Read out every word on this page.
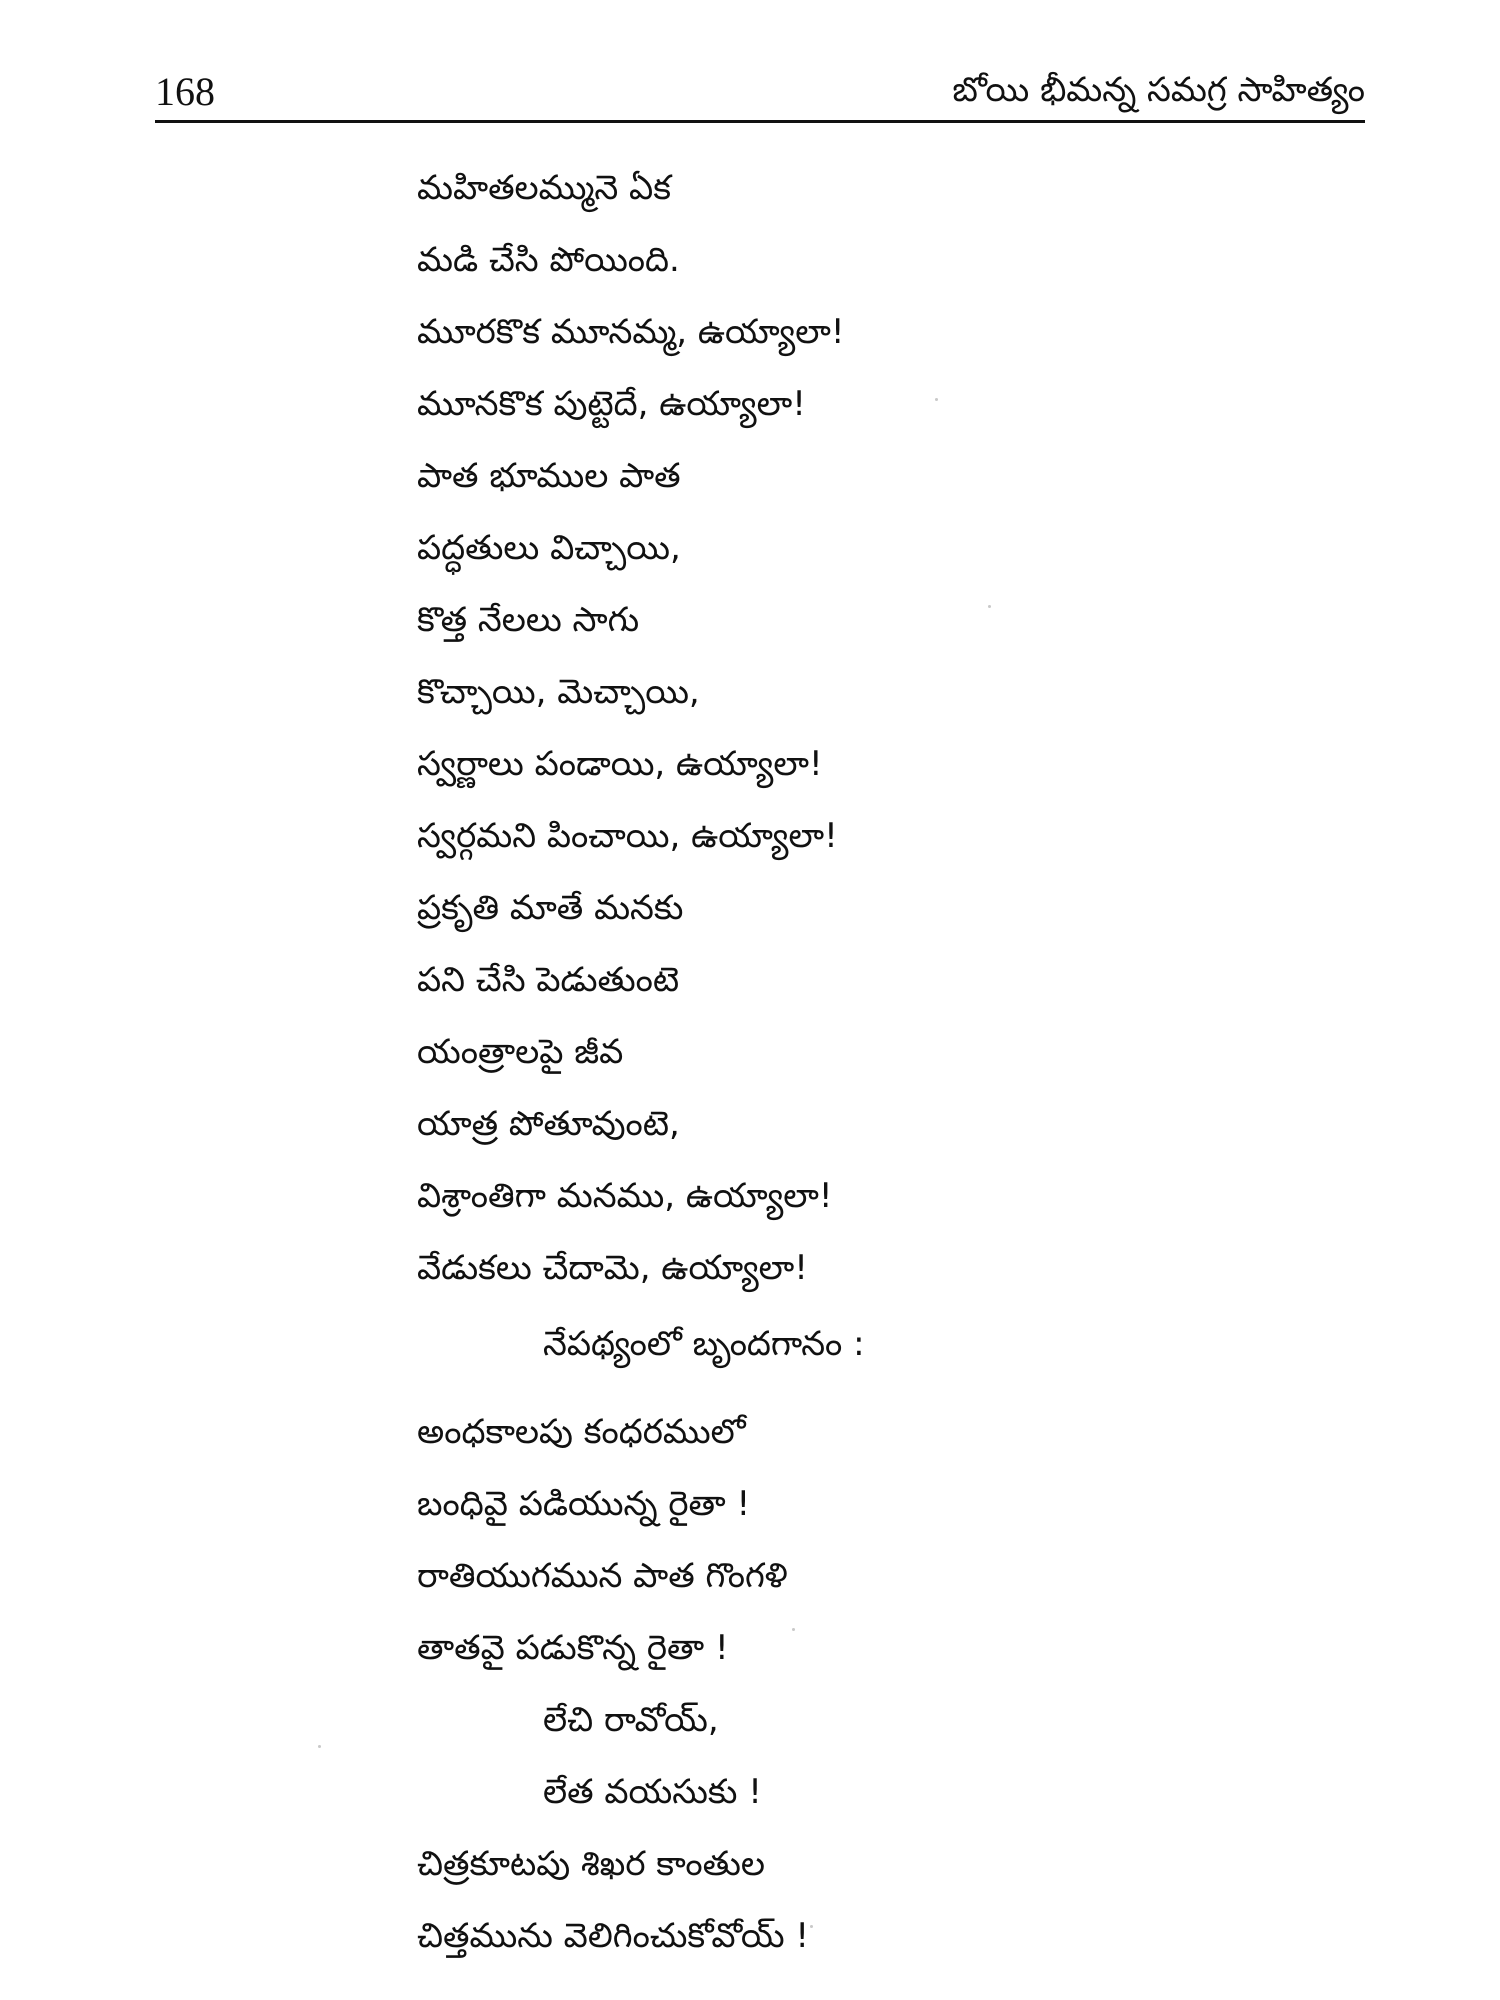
168	బోయి భీమన్న సమగ్ర సాహిత్యం
మహితలమ్మునె ఏక
మడి చేసి పోయింది.
మూరకొక మూనమ్మ, ఉయ్యాలా!
మూనకొక పుట్టెదే, ఉయ్యాలా!
పాత భూముల పాత
పద్ధతులు విచ్చాయి,
కొత్త నేలలు సాగు
కొచ్చాయి, మెచ్చాయి,
స్వర్ణాలు పండాయి, ఉయ్యాలా!
స్వర్గమని పించాయి, ఉయ్యాలా!
ప్రకృతి మాతే మనకు
పని చేసి పెడుతుంటె
యంత్రాలపై జీవ
యాత్ర పోతూవుంటె,
విశ్రాంతిగా మనము, ఉయ్యాలా!
వేడుకలు చేదామె, ఉయ్యాలా!
నేపథ్యంలో బృందగానం :
అంధకాలపు కంధరములో
బంధివై పడియున్న రైతా !
రాతియుగమున పాత గొంగళి
తాతవై పడుకొన్న రైతా !
లేచి రావోయ్,
లేత వయసుకు !
చిత్రకూటపు శిఖర కాంతుల
చిత్తమును వెలిగించుకోవోయ్ !
